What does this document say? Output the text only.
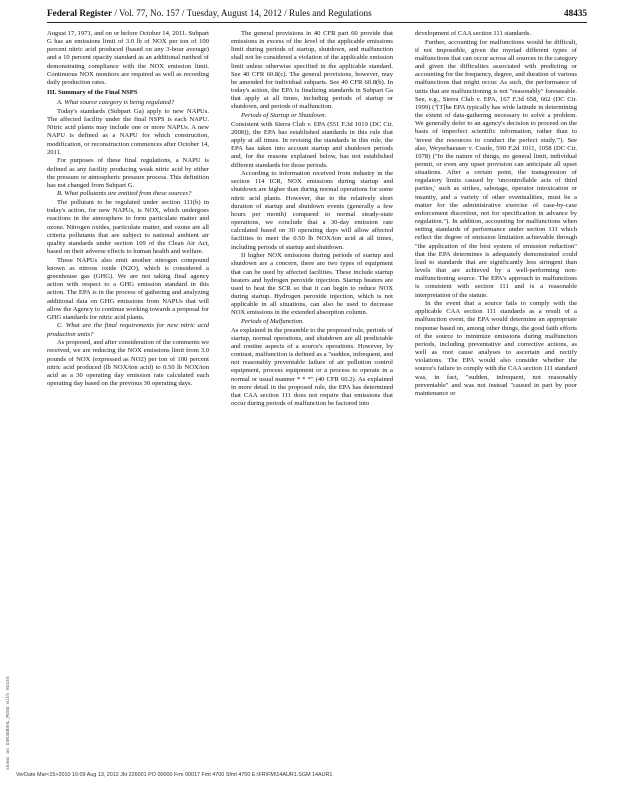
Federal Register / Vol. 77, No. 157 / Tuesday, August 14, 2012 / Rules and Regulations	48435

August 17, 1971, and on or before October 14, 2011. Subpart G has an emissions limit of 3.0 lb of NOX per ton of 100 percent nitric acid produced (based on any 3-hour average) and a 10 percent opacity standard as an additional method of demonstrating compliance with the NOX emission limit. Continuous NOX monitors are required as well as recording daily production rates.

III. Summary of the Final NSPS

A. What source category is being regulated?

Today's standards (Subpart Ga) apply to new NAPUs. The affected facility under the final NSPS is each NAPU. Nitric acid plants may include one or more NAPUs. A new NAPU is defined as a NAPU for which construction, modification, or reconstruction commences after October 14, 2011.

For purposes of these final regulations, a NAPU is defined as any facility producing weak nitric acid by either the pressure or atmospheric pressure process. This definition has not changed from Subpart G.

B. What pollutants are emitted from these sources?

The pollutant to be regulated under section 111(b) in today's action, for new NAPUs, is NOX, which undergoes reactions in the atmosphere to form particulate matter and ozone. Nitrogen oxides, particulate matter, and ozone are all criteria pollutants that are subject to national ambient air quality standards under section 109 of the Clean Air Act, based on their adverse effects to human health and welfare.

These NAPUs also emit another nitrogen compound known as nitrous oxide (N2O), which is considered a greenhouse gas (GHG). We are not taking final agency action with respect to a GHG emission standard in this action. The EPA is in the process of gathering and analyzing additional data on GHG emissions from NAPUs that will allow the Agency to continue working towards a proposal for GHG standards for nitric acid plants.

C. What are the final requirements for new nitric acid production units?

As proposed, and after consideration of the comments we received, we are reducing the NOX emissions limit from 3.0 pounds of NOX (expressed as NO2) per ton of 100 percent nitric acid produced (lb NOX/ton acid) to 0.50 lb NOX/ton acid as a 30 operating day emission rate calculated each operating day based on the previous 30 operating days.

The general provisions in 40 CFR part 60 provide that emissions in excess of the level of the applicable emissions limit during periods of startup, shutdown, and malfunction shall not be considered a violation of the applicable emission limit unless otherwise specified in the applicable standard. See 40 CFR 60.8(c). The general provisions, however, may be amended for individual subparts. See 40 CFR 60.8(b). In today's action, the EPA is finalizing standards in Subpart Ga that apply at all times, including periods of startup or shutdown, and periods of malfunction.

Periods of Startup or Shutdown.

Consistent with Sierra Club v. EPA (551 F.3d 1019 (DC Cir. 2008)), the EPA has established standards in this rule that apply at all times. In revising the standards in this rule, the EPA has taken into account startup and shutdown periods and, for the reasons explained below, has not established different standards for those periods.

According to information received from industry in the section 114 ICR, NOX emissions during startup and shutdown are higher than during normal operations for some nitric acid plants. However, due to the relatively short duration of startup and shutdown events (generally a few hours per month) compared to normal steady-state operations, we conclude that a 30-day emission rate calculated based on 30 operating days will allow affected facilities to meet the 0.50 lb NOX/ton acid at all times, including periods of startup and shutdown.

If higher NOX emissions during periods of startup and shutdown are a concern, there are two types of equipment that can be used by affected facilities. These include startup heaters and hydrogen peroxide injection. Startup heaters are used to heat the SCR so that it can begin to reduce NOX during startup. Hydrogen peroxide injection, which is not applicable in all situations, can also be used to decrease NOX emissions in the extended absorption column.

Periods of Malfunction.

As explained in the preamble to the proposed rule, periods of startup, normal operations, and shutdown are all predictable and routine aspects of a source's operations. However, by contrast, malfunction is defined as a "sudden, infrequent, and not reasonably preventable failure of air pollution control equipment, process equipment or a process to operate in a normal or usual manner * * *" (40 CFR 60.2). As explained in more detail in the proposed rule, the EPA has determined that CAA section 111 does not require that emissions that occur during periods of malfunction be factored into

development of CAA section 111 standards.

Further, accounting for malfunctions would be difficult, if not impossible, given the myriad different types of malfunctions that can occur across all sources in the category and given the difficulties associated with predicting or accounting for the frequency, degree, and duration of various malfunctions that might occur. As such, the performance of units that are malfunctioning is not "reasonably" foreseeable. See, e.g., Sierra Club v. EPA, 167 F.3d 658, 662 (DC Cir. 1999) ("[T]he EPA typically has wide latitude in determining the extent of data-gathering necessary to solve a problem. We generally defer to an agency's decision to proceed on the basis of imperfect scientific information, rather than to 'invest the resources to conduct the perfect study.'"). See also, Weyerhaeuser v. Costle, 590 F.2d 1011, 1058 (DC Cir. 1978) ("In the nature of things, no general limit, individual permit, or even any upset provision can anticipate all upset situations. After a certain point, the transgression of regulatory limits caused by 'uncontrollable acts of third parties,' such as strikes, sabotage, operator intoxication or insanity, and a variety of other eventualities, must be a matter for the administrative exercise of case-by-case enforcement discretion, not for specification in advance by regulation."). In addition, accounting for malfunctions when setting standards of performance under section 111 which reflect the degree of emission limitation achievable through "the application of the best system of emission reduction" that the EPA determines is adequately demonstrated could lead to standards that are significantly less stringent than levels that are achieved by a well-performing non-malfunctioning source. The EPA's approach to malfunctions is consistent with section 111 and is a reasonable interpretation of the statute.

In the event that a source fails to comply with the applicable CAA section 111 standards as a result of a malfunction event, the EPA would determine an appropriate response based on, among other things, the good faith efforts of the source to minimize emissions during malfunction periods, including preventative and corrective actions, as well as root cause analyses to ascertain and rectify violations. The EPA would also consider whether the source's failure to comply with the CAA section 111 standard was, in fact, "sudden, infrequent, not reasonably preventable" and was not instead "caused in part by poor maintenance or

sk4wc on DSK3GBSHL_MDSG with RULES
VerDate Mar<15>2010 16:09 Aug 13, 2012 Jkt 226001 PO 00000 Frm 00017 Fmt 4700 Sfmt 4700 E:\FR\FM\14AUR1.SGM 14AUR1
